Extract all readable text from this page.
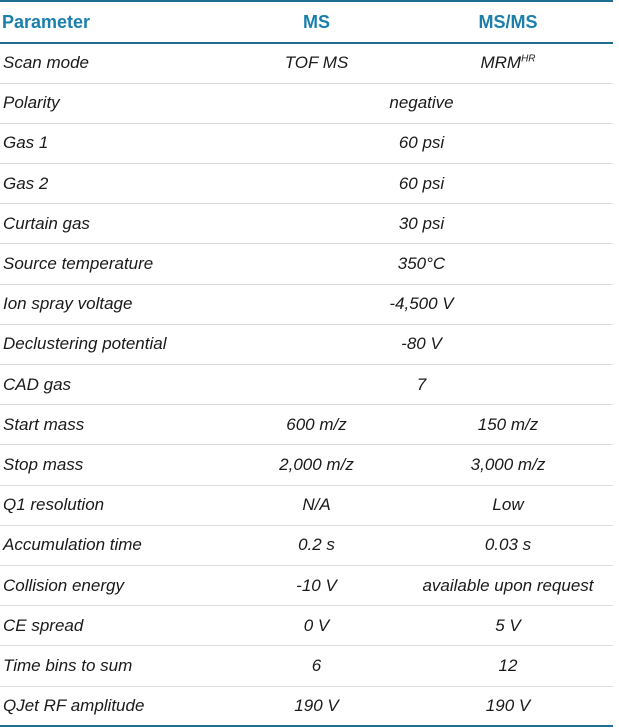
Parameter	MS	MS/MS
Scan mode	TOF MS	$MRM^{HR}$
Polarity	negative	
Gas 1	60 psi	
Gas 2	60 psi	
Curtain gas	30 psi	
Source temperature	350°C	
Ion spray voltage	-4,500 V	
Declustering potential	-80 V	
CAD gas	7	
Start mass	600 m/z	150 m/z
Stop mass	2,000 m/z	3,000 m/z
Q1 resolution	N/A	Low
Accumulation time	0.2 s	0.03 s
Collision energy	-10 V	available upon request
CE spread	0 V	5 V
Time bins to sum	6	12
QJet RF amplitude	190 V	190 V
